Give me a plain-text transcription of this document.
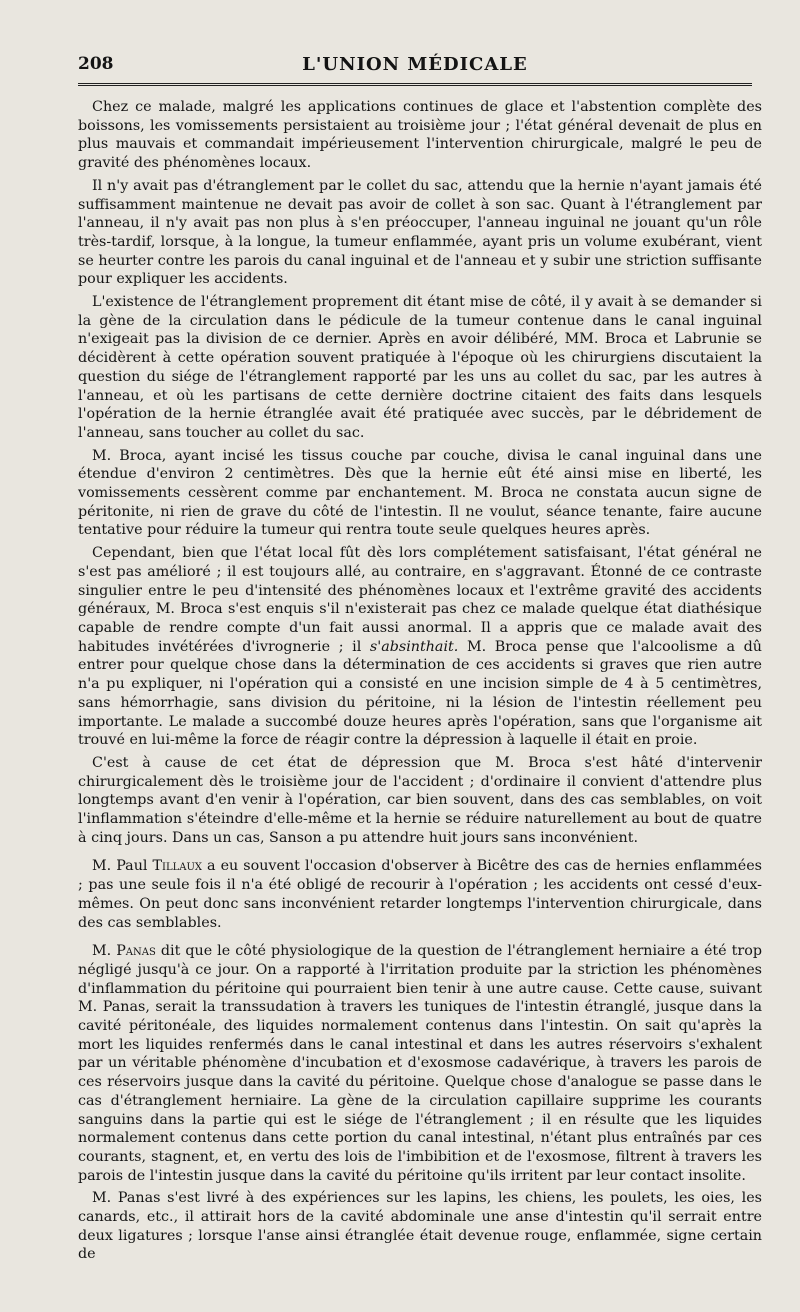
208	L'UNION MÉDICALE

Chez ce malade, malgré les applications continues de glace et l'abstention complète des boissons, les vomissements persistaient au troisième jour ; l'état général devenait de plus en plus mauvais et commandait impérieusement l'intervention chirurgicale, malgré le peu de gravité des phénomènes locaux.

Il n'y avait pas d'étranglement par le collet du sac, attendu que la hernie n'ayant jamais été suffisamment maintenue ne devait pas avoir de collet à son sac. Quant à l'étranglement par l'anneau, il n'y avait pas non plus à s'en préoccuper, l'anneau inguinal ne jouant qu'un rôle très-tardif, lorsque, à la longue, la tumeur enflammée, ayant pris un volume exubérant, vient se heurter contre les parois du canal inguinal et de l'anneau et y subir une striction suffisante pour expliquer les accidents.

L'existence de l'étranglement proprement dit étant mise de côté, il y avait à se demander si la gène de la circulation dans le pédicule de la tumeur contenue dans le canal inguinal n'exigeait pas la division de ce dernier. Après en avoir délibéré, MM. Broca et Labrunie se décidèrent à cette opération souvent pratiquée à l'époque où les chirurgiens discutaient la question du siége de l'étranglement rapporté par les uns au collet du sac, par les autres à l'anneau, et où les partisans de cette dernière doctrine citaient des faits dans lesquels l'opération de la hernie étranglée avait été pratiquée avec succès, par le débridement de l'anneau, sans toucher au collet du sac.

M. Broca, ayant incisé les tissus couche par couche, divisa le canal inguinal dans une étendue d'environ 2 centimètres. Dès que la hernie eût été ainsi mise en liberté, les vomissements cessèrent comme par enchantement. M. Broca ne constata aucun signe de péritonite, ni rien de grave du côté de l'intestin. Il ne voulut, séance tenante, faire aucune tentative pour réduire la tumeur qui rentra toute seule quelques heures après.

Cependant, bien que l'état local fût dès lors complétement satisfaisant, l'état général ne s'est pas amélioré ; il est toujours allé, au contraire, en s'aggravant. Étonné de ce contraste singulier entre le peu d'intensité des phénomènes locaux et l'extrême gravité des accidents généraux, M. Broca s'est enquis s'il n'existerait pas chez ce malade quelque état diathésique capable de rendre compte d'un fait aussi anormal. Il a appris que ce malade avait des habitudes invétérées d'ivrognerie ; il s'absinthait. M. Broca pense que l'alcoolisme a dû entrer pour quelque chose dans la détermination de ces accidents si graves que rien autre n'a pu expliquer, ni l'opération qui a consisté en une incision simple de 4 à 5 centimètres, sans hémorrhagie, sans division du péritoine, ni la lésion de l'intestin réellement peu importante. Le malade a succombé douze heures après l'opération, sans que l'organisme ait trouvé en lui-même la force de réagir contre la dépression à laquelle il était en proie.

C'est à cause de cet état de dépression que M. Broca s'est hâté d'intervenir chirurgicalement dès le troisième jour de l'accident ; d'ordinaire il convient d'attendre plus longtemps avant d'en venir à l'opération, car bien souvent, dans des cas semblables, on voit l'inflammation s'éteindre d'elle-même et la hernie se réduire naturellement au bout de quatre à cinq jours. Dans un cas, Sanson a pu attendre huit jours sans inconvénient.

M. Paul Tillaux a eu souvent l'occasion d'observer à Bicêtre des cas de hernies enflammées ; pas une seule fois il n'a été obligé de recourir à l'opération ; les accidents ont cessé d'eux-mêmes. On peut donc sans inconvénient retarder longtemps l'intervention chirurgicale, dans des cas semblables.

M. Panas dit que le côté physiologique de la question de l'étranglement herniaire a été trop négligé jusqu'à ce jour. On a rapporté à l'irritation produite par la striction les phénomènes d'inflammation du péritoine qui pourraient bien tenir à une autre cause. Cette cause, suivant M. Panas, serait la transsudation à travers les tuniques de l'intestin étranglé, jusque dans la cavité péritonéale, des liquides normalement contenus dans l'intestin. On sait qu'après la mort les liquides renfermés dans le canal intestinal et dans les autres réservoirs s'exhalent par un véritable phénomène d'incubation et d'exosmose cadavérique, à travers les parois de ces réservoirs jusque dans la cavité du péritoine. Quelque chose d'analogue se passe dans le cas d'étranglement herniaire. La gène de la circulation capillaire supprime les courants sanguins dans la partie qui est le siége de l'étranglement ; il en résulte que les liquides normalement contenus dans cette portion du canal intestinal, n'étant plus entraînés par ces courants, stagnent, et, en vertu des lois de l'imbibition et de l'exosmose, filtrent à travers les parois de l'intestin jusque dans la cavité du péritoine qu'ils irritent par leur contact insolite.

M. Panas s'est livré à des expériences sur les lapins, les chiens, les poulets, les oies, les canards, etc., il attirait hors de la cavité abdominale une anse d'intestin qu'il serrait entre deux ligatures ; lorsque l'anse ainsi étranglée était devenue rouge, enflammée, signe certain de
